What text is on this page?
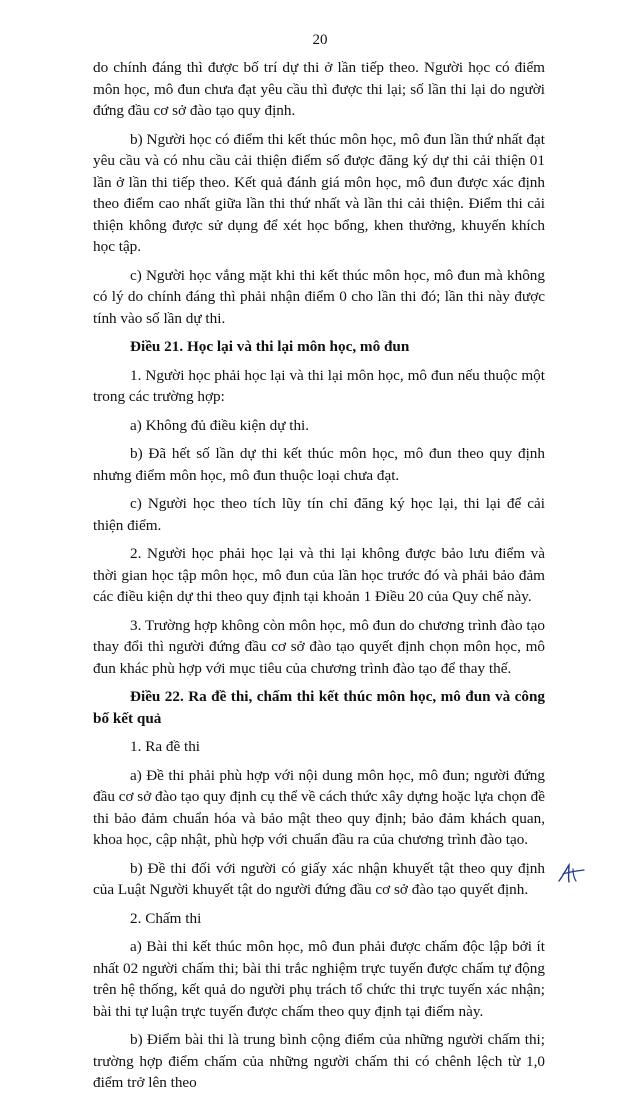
20

do chính đáng thì được bố trí dự thi ở lần tiếp theo. Người học có điểm môn học, mô đun chưa đạt yêu cầu thì được thi lại; số lần thi lại do người đứng đầu cơ sở đào tạo quy định.

b) Người học có điểm thi kết thúc môn học, mô đun lần thứ nhất đạt yêu cầu và có nhu cầu cải thiện điểm số được đăng ký dự thi cải thiện 01 lần ở lần thi tiếp theo. Kết quả đánh giá môn học, mô đun được xác định theo điểm cao nhất giữa lần thi thứ nhất và lần thi cải thiện. Điểm thi cải thiện không được sử dụng để xét học bổng, khen thưởng, khuyến khích học tập.

c) Người học vắng mặt khi thi kết thúc môn học, mô đun mà không có lý do chính đáng thì phải nhận điểm 0 cho lần thi đó; lần thi này được tính vào số lần dự thi.

Điều 21. Học lại và thi lại môn học, mô đun

1. Người học phải học lại và thi lại môn học, mô đun nếu thuộc một trong các trường hợp:

a) Không đủ điều kiện dự thi.

b) Đã hết số lần dự thi kết thúc môn học, mô đun theo quy định nhưng điểm môn học, mô đun thuộc loại chưa đạt.

c) Người học theo tích lũy tín chỉ đăng ký học lại, thi lại để cải thiện điểm.

2. Người học phải học lại và thi lại không được bảo lưu điểm và thời gian học tập môn học, mô đun của lần học trước đó và phải bảo đảm các điều kiện dự thi theo quy định tại khoản 1 Điều 20 của Quy chế này.

3. Trường hợp không còn môn học, mô đun do chương trình đào tạo thay đổi thì người đứng đầu cơ sở đào tạo quyết định chọn môn học, mô đun khác phù hợp với mục tiêu của chương trình đào tạo để thay thế.

Điều 22. Ra đề thi, chấm thi kết thúc môn học, mô đun và công bố kết quả

1. Ra đề thi

a) Đề thi phải phù hợp với nội dung môn học, mô đun; người đứng đầu cơ sở đào tạo quy định cụ thể về cách thức xây dựng hoặc lựa chọn đề thi bảo đảm chuẩn hóa và bảo mật theo quy định; bảo đảm khách quan, khoa học, cập nhật, phù hợp với chuẩn đầu ra của chương trình đào tạo.

b) Đề thi đối với người có giấy xác nhận khuyết tật theo quy định của Luật Người khuyết tật do người đứng đầu cơ sở đào tạo quyết định.

2. Chấm thi

a) Bài thi kết thúc môn học, mô đun phải được chấm độc lập bởi ít nhất 02 người chấm thi; bài thi trắc nghiệm trực tuyến được chấm tự động trên hệ thống, kết quả do người phụ trách tổ chức thi trực tuyến xác nhận; bài thi tự luận trực tuyến được chấm theo quy định tại điểm này.

b) Điểm bài thi là trung bình cộng điểm của những người chấm thi; trường hợp điểm chấm của những người chấm thi có chênh lệch từ 1,0 điểm trở lên theo
